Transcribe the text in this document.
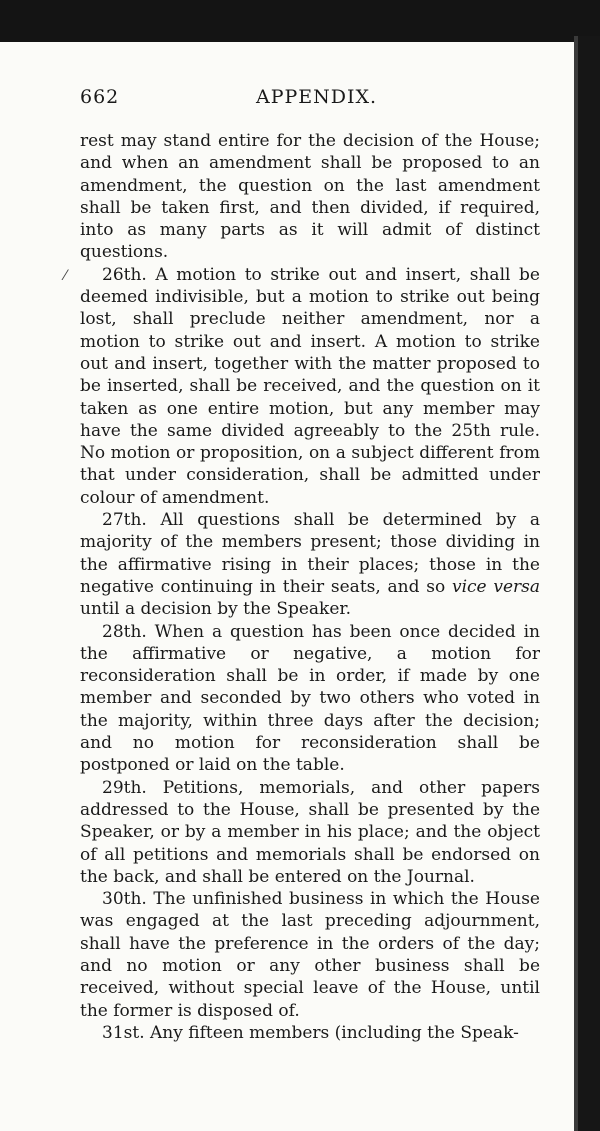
662	APPENDIX.
⁄

rest may stand entire for the decision of the House; and when an amendment shall be proposed to an amendment, the question on the last amendment shall be taken first, and then divided, if required, into as many parts as it will admit of distinct questions.

26th. A motion to strike out and insert, shall be deemed indivisible, but a motion to strike out being lost, shall preclude neither amendment, nor a motion to strike out and insert. A motion to strike out and insert, together with the matter proposed to be inserted, shall be received, and the question on it taken as one entire motion, but any member may have the same divided agreeably to the 25th rule. No motion or proposition, on a subject different from that under consideration, shall be admitted under colour of amendment.

27th. All questions shall be determined by a majority of the members present; those dividing in the affirmative rising in their places; those in the negative continuing in their seats, and so vice versa until a decision by the Speaker.

28th. When a question has been once decided in the affirmative or negative, a motion for reconsideration shall be in order, if made by one member and seconded by two others who voted in the majority, within three days after the decision; and no motion for reconsideration shall be postponed or laid on the table.

29th. Petitions, memorials, and other papers addressed to the House, shall be presented by the Speaker, or by a member in his place; and the object of all petitions and memorials shall be endorsed on the back, and shall be entered on the Journal.

30th. The unfinished business in which the House was engaged at the last preceding adjournment, shall have the preference in the orders of the day; and no motion or any other business shall be received, without special leave of the House, until the former is disposed of.

31st. Any fifteen members (including the Speak-
